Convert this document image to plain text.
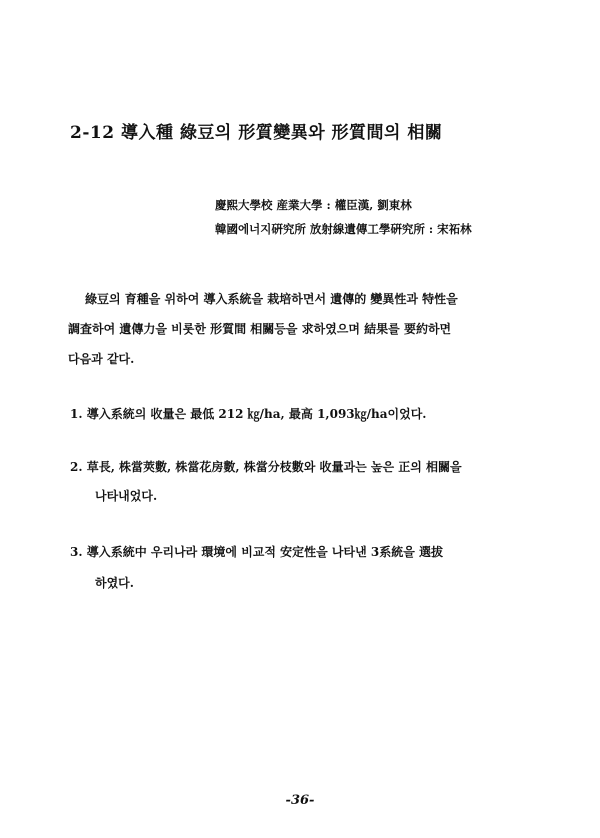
2-12 導入種 綠豆의 形質變異와 形質間의 相關
慶熙大學校 産業大學 : 權臣漢, 劉東林
韓國에너지硏究所 放射線遺傳工學硏究所 : 宋祏林
綠豆의 育種을 위하여 導入系統을 栽培하면서 遺傳的 變異性과 特性을
調査하여 遺傳力을 비롯한 形質間 相關등을 求하였으며 結果를 要約하면
다음과 같다.
1. 導入系統의 收量은 最低 212 ㎏/ha, 最高 1,093㎏/ha이었다.
2. 草長, 株當莢數, 株當花房數, 株當分枝數와 收量과는 높은 正의 相關을
나타내었다.
3. 導入系統中 우리나라 環境에 비교적 安定性을 나타낸 3系統을 選拔
하였다.
-36-
